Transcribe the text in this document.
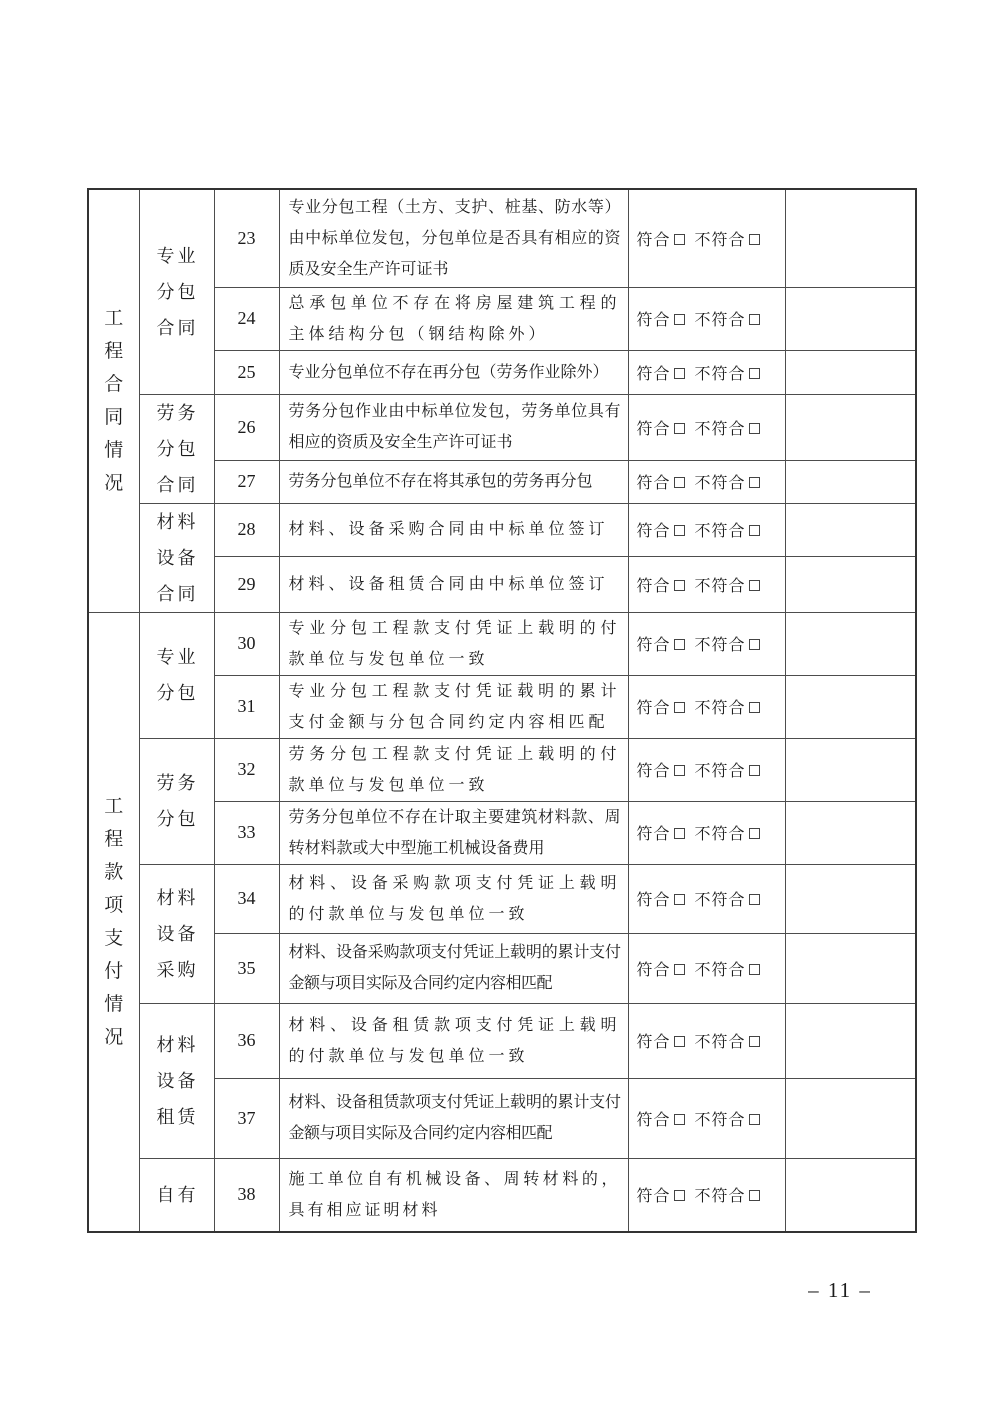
工程合同情况	专业分包合同	23	专业分包工程（土方、支护、桩基、防水等）由中标单位发包，分包单位是否具有相应的资质及安全生产许可证书	符合 不符合	
		24	总承包单位不存在将房屋建筑工程的主体结构分包（钢结构除外）	符合 不符合	
		25	专业分包单位不存在再分包（劳务作业除外）	符合 不符合	

	劳务分包合同	26	劳务分包作业由中标单位发包，劳务单位具有相应的资质及安全生产许可证书	符合 不符合	
		27	劳务分包单位不存在将其承包的劳务再分包	符合 不符合	

	材料设备合同	28	材料、设备采购合同由中标单位签订	符合 不符合	
		29	材料、设备租赁合同由中标单位签订	符合 不符合	

工程款项支付情况	专业分包	30	专业分包工程款支付凭证上载明的付款单位与发包单位一致	符合 不符合	
		31	专业分包工程款支付凭证载明的累计支付金额与分包合同约定内容相匹配	符合 不符合	

	劳务分包	32	劳务分包工程款支付凭证上载明的付款单位与发包单位一致	符合 不符合	
		33	劳务分包单位不存在计取主要建筑材料款、周转材料款或大中型施工机械设备费用	符合 不符合	

	材料设备采购	34	材料、设备采购款项支付凭证上载明的付款单位与发包单位一致	符合 不符合	
		35	材料、设备采购款项支付凭证上载明的累计支付金额与项目实际及合同约定内容相匹配	符合 不符合	

	材料设备租赁	36	材料、设备租赁款项支付凭证上载明的付款单位与发包单位一致	符合 不符合	
		37	材料、设备租赁款项支付凭证上载明的累计支付金额与项目实际及合同约定内容相匹配	符合 不符合	

	自有	38	施工单位自有机械设备、周转材料的，具有相应证明材料	符合 不符合	
– 11 –
